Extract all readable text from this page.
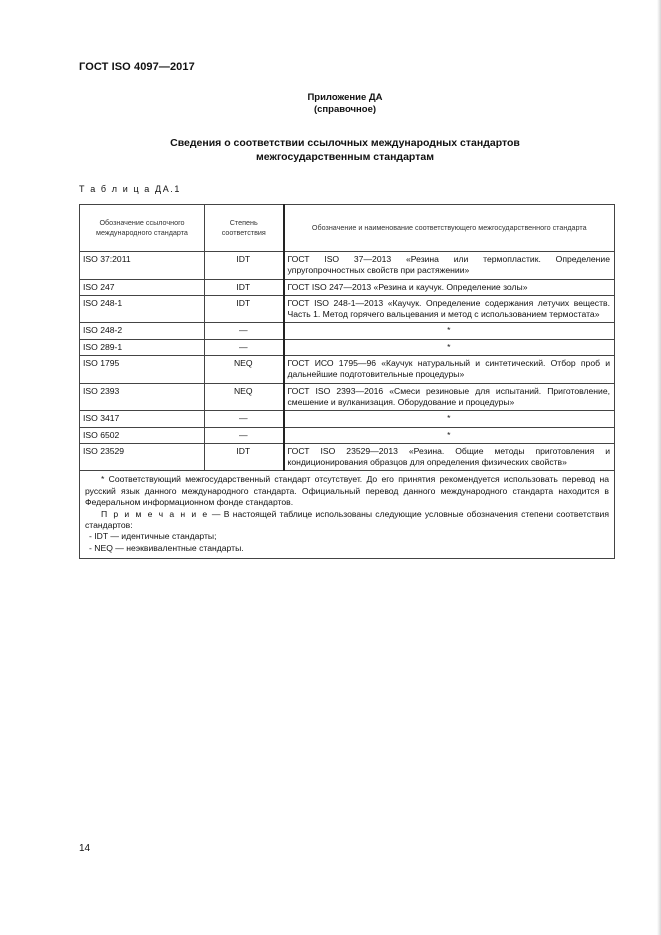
ГОСТ ISO 4097—2017
Приложение ДА
(справочное)
Сведения о соответствии ссылочных международных стандартов
межгосударственным стандартам
Т а б л и ц а ДА.1
Обозначение ссылочного международного стандарта	Степень соответствия	Обозначение и наименование соответствующего межгосударственного стандарта
ISO 37:2011	IDT	ГОСТ ISO 37—2013 «Резина или термопластик. Определение упругопрочностных свойств при растяжении»
ISO 247	IDT	ГОСТ ISO 247—2013 «Резина и каучук. Определение золы»
ISO 248-1	IDT	ГОСТ ISO 248-1—2013 «Каучук. Определение содержания летучих веществ. Часть 1. Метод горячего вальцевания и метод с использованием термостата»
ISO 248-2	—	*
ISO 289-1	—	*
ISO 1795	NEQ	ГОСТ ИСО 1795—96 «Каучук натуральный и синтетический. Отбор проб и дальнейшие подготовительные процедуры»
ISO 2393	NEQ	ГОСТ ISO 2393—2016 «Смеси резиновые для испытаний. Приготовление, смешение и вулканизация. Оборудование и процедуры»
ISO 3417	—	*
ISO 6502	—	*
ISO 23529	IDT	ГОСТ ISO 23529—2013 «Резина. Общие методы приготовления и кондиционирования образцов для определения физических свойств»

* Соответствующий межгосударственный стандарт отсутствует. До его принятия рекомендуется использовать перевод на русский язык данного международного стандарта. Официальный перевод данного международного стандарта находится в Федеральном информационном фонде стандартов.

П р и м е ч а н и е — В настоящей таблице использованы следующие условные обозначения степени соответствия стандартов:

- IDT — идентичные стандарты;

- NEQ — неэквивалентные стандарты.		

14
